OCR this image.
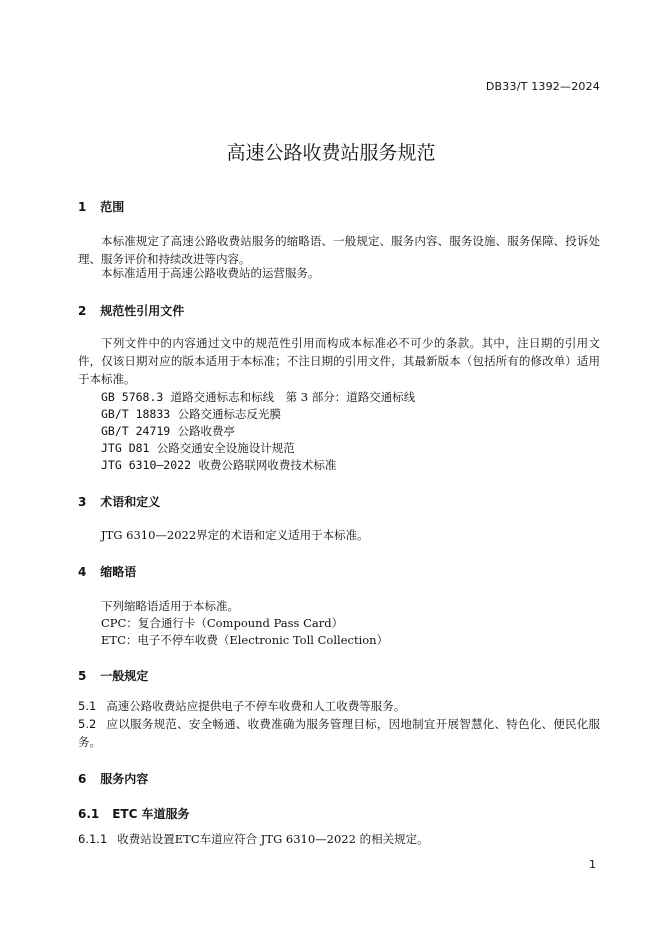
DB33/T 1392—2024
高速公路收费站服务规范
1 范围

本标准规定了高速公路收费站服务的缩略语、一般规定、服务内容、服务设施、服务保障、投诉处理、服务评价和持续改进等内容。

本标准适用于高速公路收费站的运营服务。

2 规范性引用文件

下列文件中的内容通过文中的规范性引用而构成本标准必不可少的条款。其中，注日期的引用文件，仅该日期对应的版本适用于本标准；不注日期的引用文件，其最新版本（包括所有的修改单）适用于本标准。

GB 5768.3 道路交通标志和标线　第 3 部分：道路交通标线
GB/T 18833 公路交通标志反光膜
GB/T 24719 公路收费亭
JTG D81 公路交通安全设施设计规范
JTG 6310—2022 收费公路联网收费技术标准
3 术语和定义

JTG 6310—2022界定的术语和定义适用于本标准。

4 缩略语
下列缩略语适用于本标准。
CPC：复合通行卡（Compound Pass Card）
ETC：电子不停车收费（Electronic Toll Collection）
5 一般规定

5.1 高速公路收费站应提供电子不停车收费和人工收费等服务。

5.2 应以服务规范、安全畅通、收费准确为服务管理目标，因地制宜开展智慧化、特色化、便民化服务。

6 服务内容
6.1 ETC 车道服务

6.1.1 收费站设置ETC车道应符合 JTG 6310—2022 的相关规定。

1
